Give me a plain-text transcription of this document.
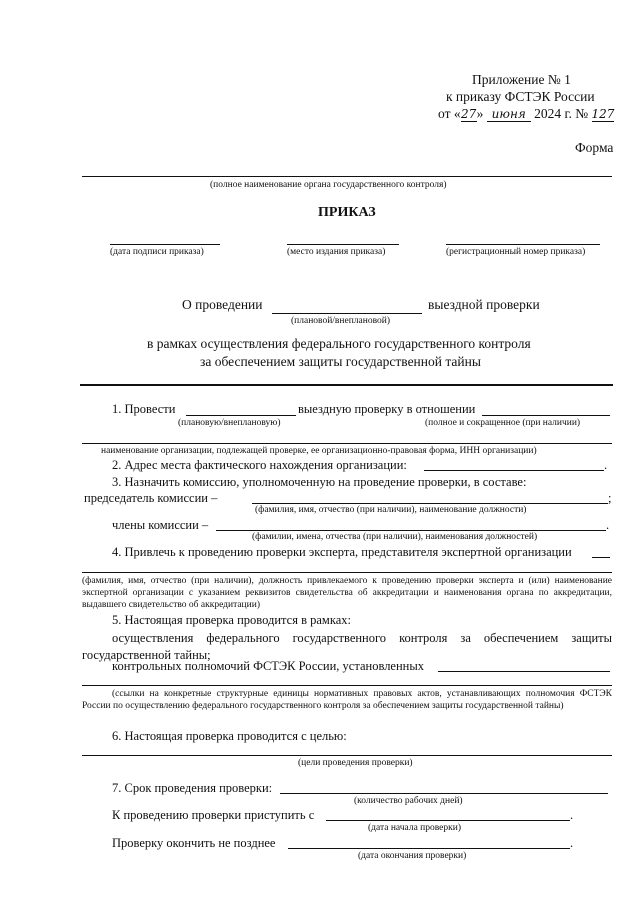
Приложение № 1
к приказу ФСТЭК России
от «27» июня 2024 г. № 127
Форма
(полное наименование органа государственного контроля)
ПРИКАЗ
(дата подписи приказа)	(место издания приказа)	(регистрационный номер приказа)
О проведении	выездной проверки
(плановой/внеплановой)
в рамках осуществления федерального государственного контроля
за обеспечением защиты государственной тайны
1. Провести	выездную проверку в отношении
(плановую/внеплановую)	(полное и сокращенное (при наличии)
наименование организации, подлежащей проверке, ее организационно-правовая форма, ИНН организации)
2. Адрес места фактического нахождения организации:	.
3. Назначить комиссию, уполномоченную на проведение проверки, в составе:
председатель комиссии –	;
(фамилия, имя, отчество (при наличии), наименование должности)
члены комиссии –	.
(фамилии, имена, отчества (при наличии), наименования должностей)
4. Привлечь к проведению проверки эксперта, представителя экспертной организации
(фамилия, имя, отчество (при наличии), должность привлекаемого к проведению проверки эксперта и (или) наименование экспертной организации с указанием реквизитов свидетельства об аккредитации и наименования органа по аккредитации, выдавшего свидетельство об аккредитации)
5. Настоящая проверка проводится в рамках:
осуществления федерального государственного контроля за обеспечением защиты государственной тайны;
контрольных полномочий ФСТЭК России, установленных
(ссылки на конкретные структурные единицы нормативных правовых актов, устанавливающих полномочия ФСТЭК России по осуществлению федерального государственного контроля за обеспечением защиты государственной тайны)
6. Настоящая проверка проводится с целью:
(цели проведения проверки)
7. Срок проведения проверки:
(количество рабочих дней)
К проведению проверки приступить с	.
(дата начала проверки)
Проверку окончить не позднее	.
(дата окончания проверки)
